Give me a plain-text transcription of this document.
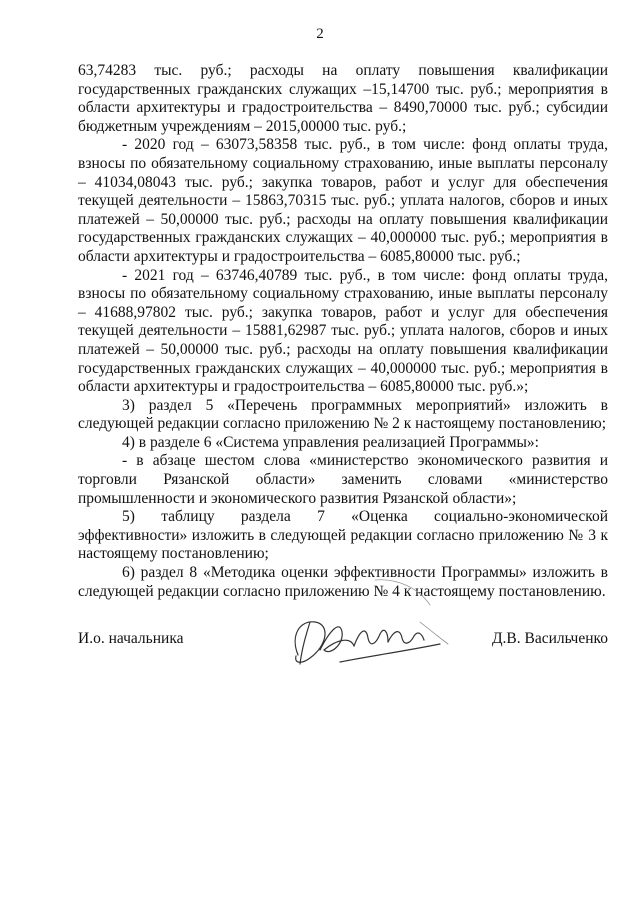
2

63,74283 тыс. руб.; расходы на оплату повышения квалификации государственных гражданских служащих –15,14700 тыс. руб.; мероприятия в области архитектуры и градостроительства – 8490,70000 тыс. руб.; субсидии бюджетным учреждениям – 2015,00000 тыс. руб.;

- 2020 год – 63073,58358 тыс. руб., в том числе: фонд оплаты труда, взносы по обязательному социальному страхованию, иные выплаты персоналу – 41034,08043 тыс. руб.; закупка товаров, работ и услуг для обеспечения текущей деятельности – 15863,70315 тыс. руб.; уплата налогов, сборов и иных платежей – 50,00000 тыс. руб.; расходы на оплату повышения квалификации государственных гражданских служащих – 40,000000 тыс. руб.; мероприятия в области архитектуры и градостроительства – 6085,80000 тыс. руб.;

- 2021 год – 63746,40789 тыс. руб., в том числе: фонд оплаты труда, взносы по обязательному социальному страхованию, иные выплаты персоналу – 41688,97802 тыс. руб.; закупка товаров, работ и услуг для обеспечения текущей деятельности – 15881,62987 тыс. руб.; уплата налогов, сборов и иных платежей – 50,00000 тыс. руб.; расходы на оплату повышения квалификации государственных гражданских служащих – 40,000000 тыс. руб.; мероприятия в области архитектуры и градостроительства – 6085,80000 тыс. руб.»;

3) раздел 5 «Перечень программных мероприятий» изложить в следующей редакции согласно приложению № 2 к настоящему постановлению;

4) в разделе 6 «Система управления реализацией Программы»:

- в абзаце шестом слова «министерство экономического развития и торговли Рязанской области» заменить словами «министерство промышленности и экономического развития Рязанской области»;

5) таблицу раздела 7 «Оценка социально-экономической эффективности» изложить в следующей редакции согласно приложению № 3 к настоящему постановлению;

6) раздел 8 «Методика оценки эффективности Программы» изложить в следующей редакции согласно приложению № 4 к настоящему постановлению.

И.о. начальника	Д.В. Васильченко
